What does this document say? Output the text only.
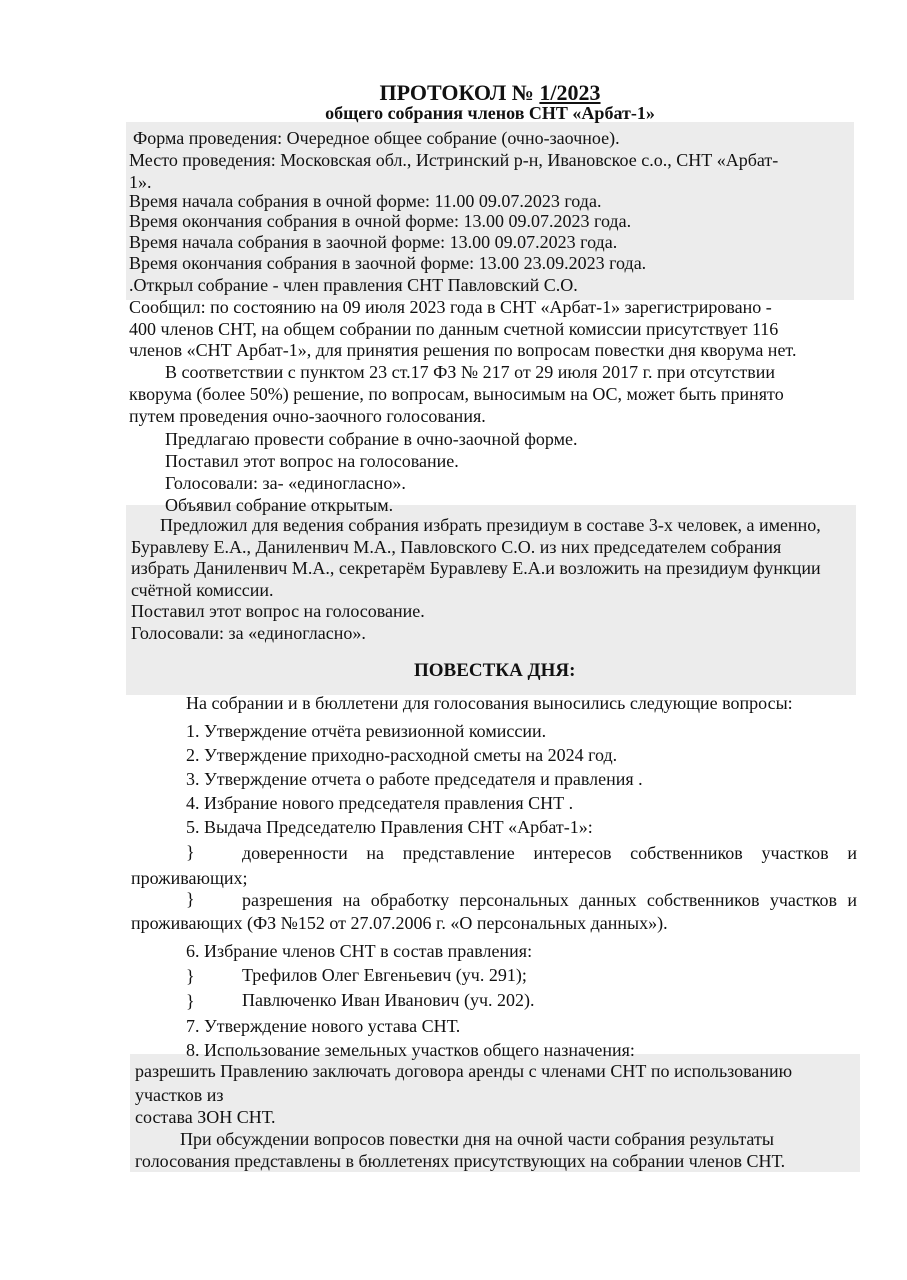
ПРОТОКОЛ № 1/2023
общего собрания членов СНТ «Арбат-1»
Форма проведения: Очередное общее собрание (очно-заочное).
Место проведения: Московская обл., Истринский р-н, Ивановское с.о., СНТ «Арбат-
1».
Время начала собрания в очной форме: 11.00 09.07.2023 года.
Время окончания собрания в очной форме: 13.00 09.07.2023 года.
Время начала собрания в заочной форме: 13.00 09.07.2023 года.
Время окончания собрания в заочной форме: 13.00 23.09.2023 года.
.Открыл собрание - член правления СНТ Павловский С.О.
Сообщил: по состоянию на 09 июля 2023 года в СНТ «Арбат-1» зарегистрировано -
400 членов СНТ, на общем собрании по данным счетной комиссии присутствует 116
членов «СНТ Арбат-1», для принятия решения по вопросам повестки дня кворума нет.
В соответствии с пунктом 23 ст.17 ФЗ № 217 от 29 июля 2017 г. при отсутствии
кворума (более 50%) решение, по вопросам, выносимым на ОС, может быть принято
путем проведения очно-заочного голосования.
Предлагаю провести собрание в очно-заочной форме.
Поставил этот вопрос на голосование.
Голосовали: за- «единогласно».
Объявил собрание открытым.
Предложил для ведения собрания избрать президиум в составе 3-х человек, а именно,
Буравлеву Е.А., Даниленвич М.А., Павловского С.О. из них председателем собрания
избрать Даниленвич М.А., секретарём Буравлеву Е.А.и возложить на президиум функции
счётной комиссии.
Поставил этот вопрос на голосование.
Голосовали: за «единогласно».
ПОВЕСТКА ДНЯ:
На собрании и в бюллетени для голосования выносились следующие вопросы:
1. Утверждение отчёта ревизионной комиссии.
2. Утверждение приходно-расходной сметы на 2024 год.
3. Утверждение отчета о работе председателя и правления .
4. Избрание нового председателя правления СНТ .
5. Выдача Председателю Правления СНТ «Арбат-1»:
}	доверенности на представление интересов собственников участков и
проживающих;
}	разрешения на обработку персональных данных собственников участков и
проживающих (ФЗ №152 от 27.07.2006 г. «О персональных данных»).
6. Избрание членов СНТ в состав правления:
}	Трефилов Олег Евгеньевич (уч. 291);
}	Павлюченко Иван Иванович (уч. 202).
7. Утверждение нового устава СНТ.
8. Использование земельных участков общего назначения:
разрешить Правлению заключать договора аренды с членами СНТ по использованию
участков из
состава ЗОН СНТ.
При обсуждении вопросов повестки дня на очной части собрания результаты
голосования представлены в бюллетенях присутствующих на собрании членов СНТ.
